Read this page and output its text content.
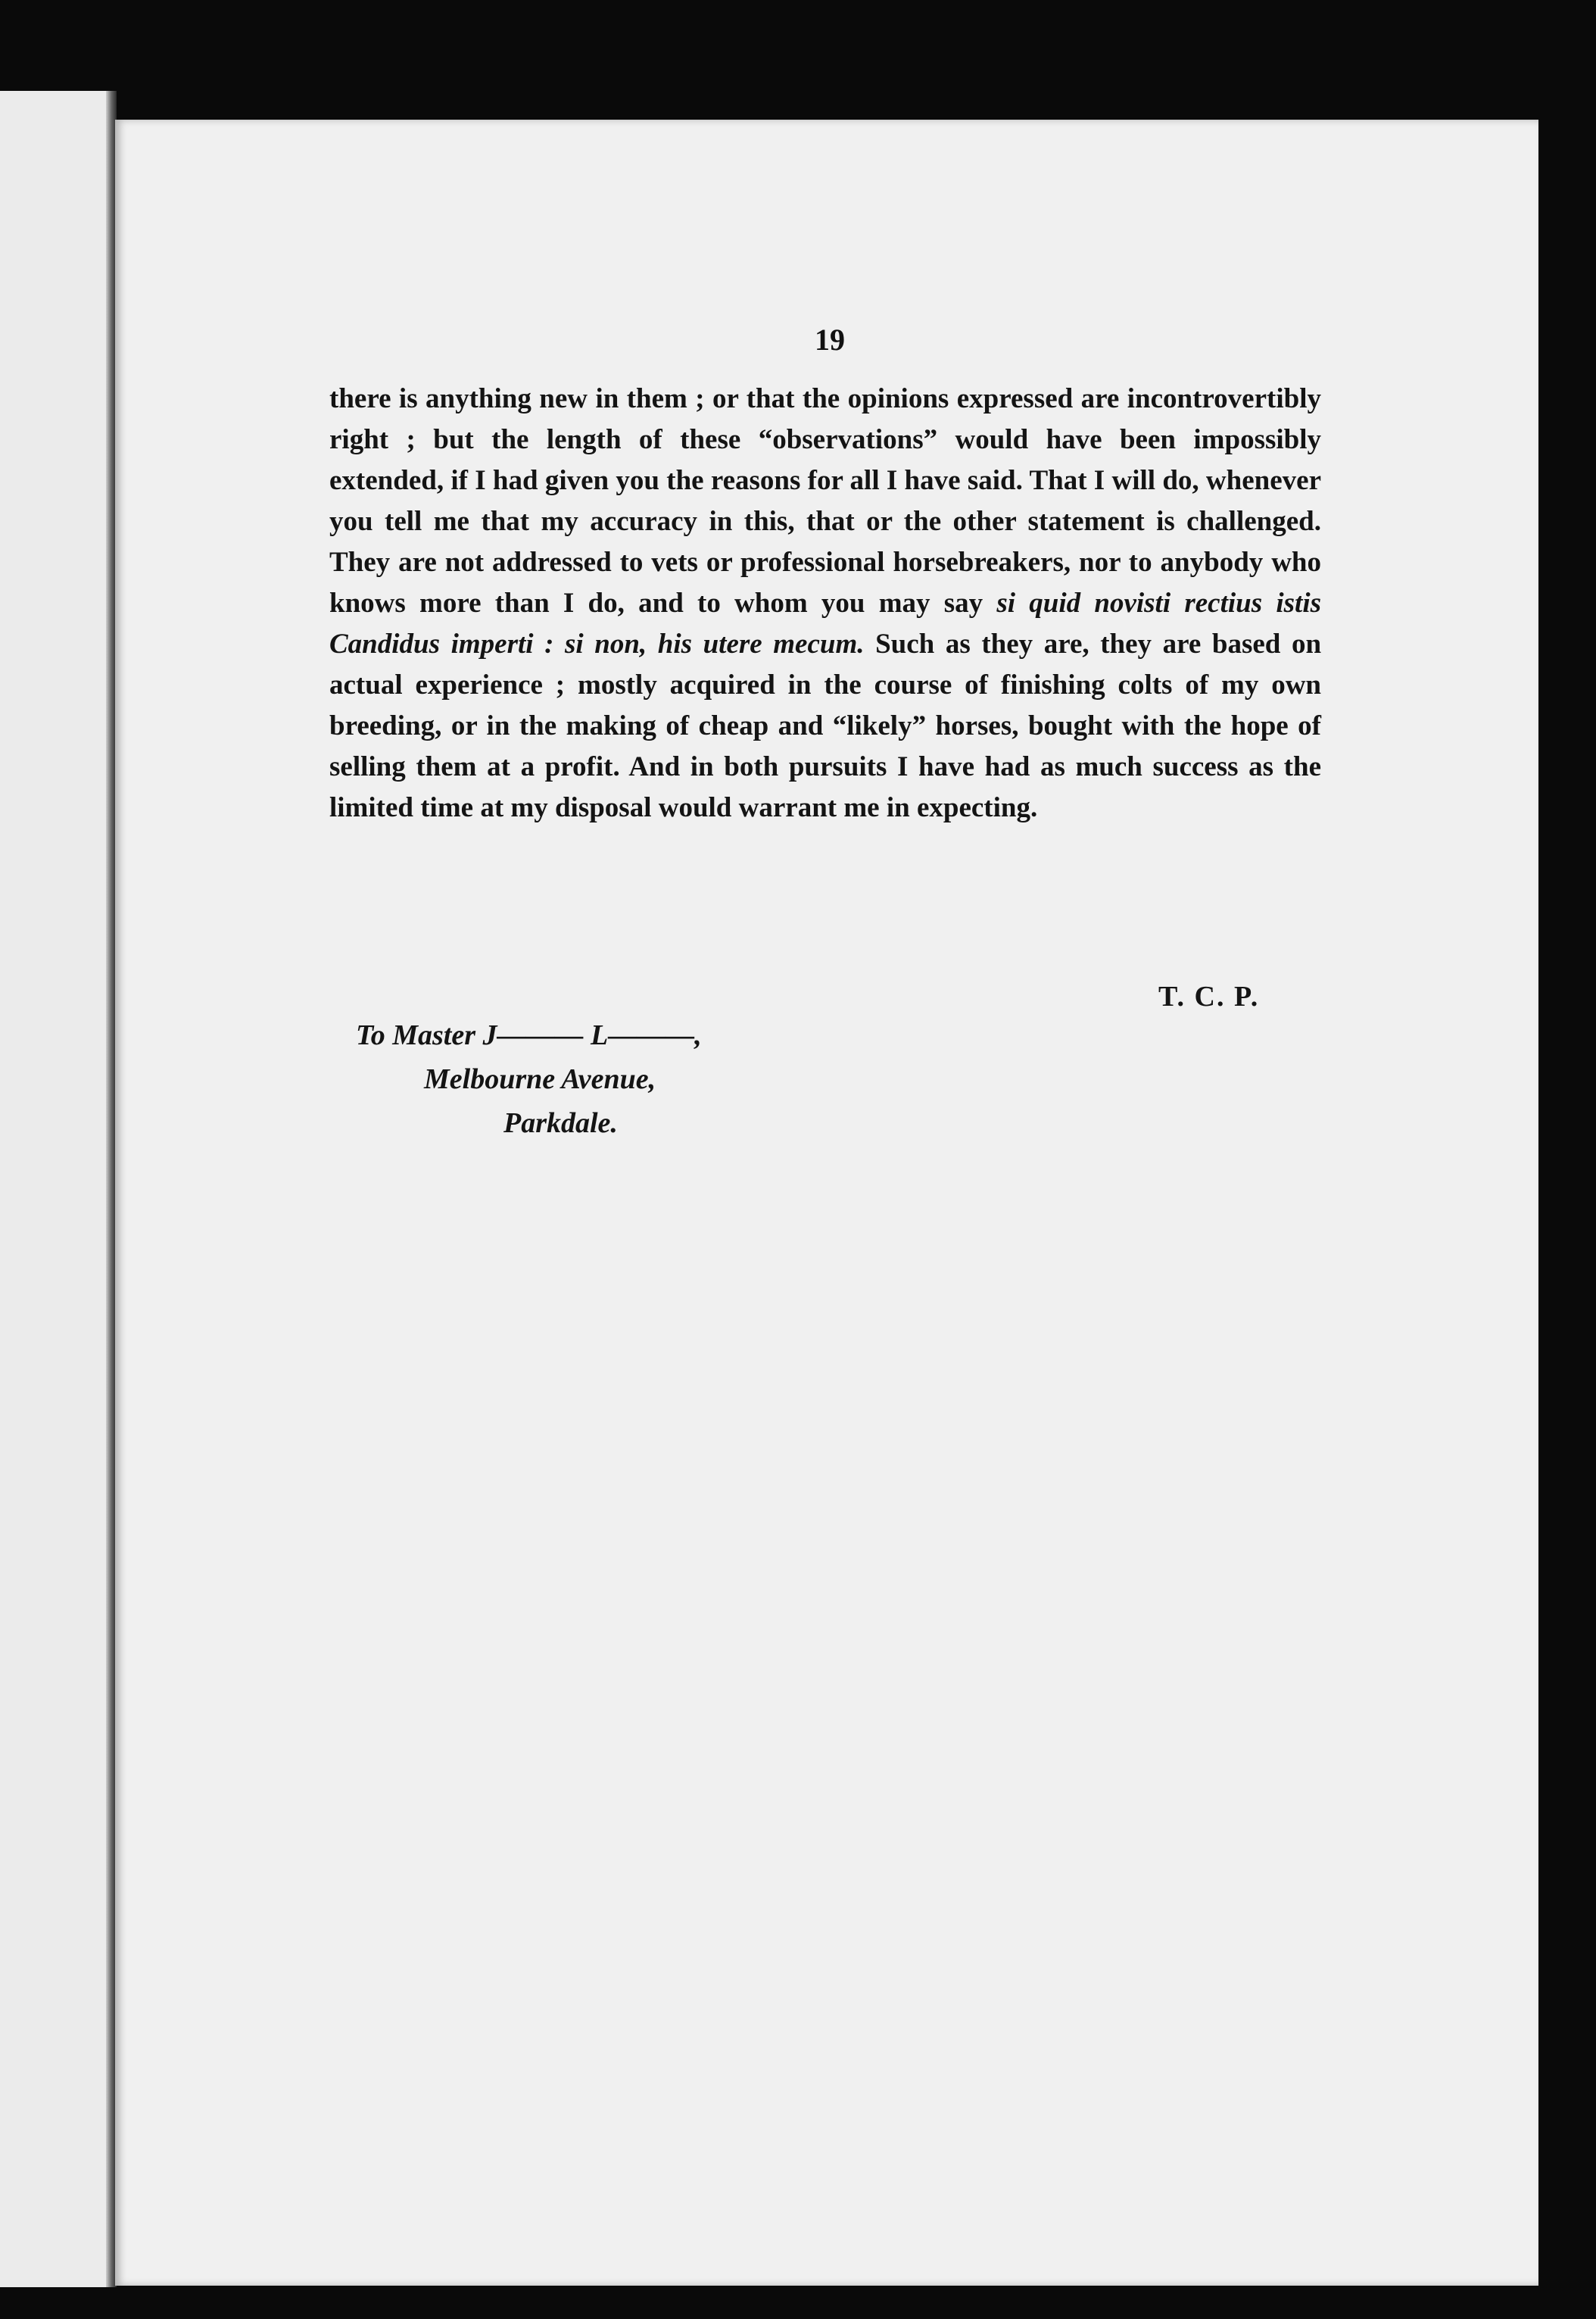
19

there is anything new in them ; or that the opinions expressed are incontrovertibly right ; but the length of these “observations” would have been impossibly extended, if I had given you the reasons for all I have said. That I will do, whenever you tell me that my accuracy in this, that or the other statement is challenged. They are not addressed to vets or professional horsebreakers, nor to anybody who knows more than I do, and to whom you may say si quid novisti rectius istis Candidus imperti : si non, his utere mecum. Such as they are, they are based on actual experience ; mostly acquired in the course of finishing colts of my own breeding, or in the making of cheap and “likely” horses, bought with the hope of selling them at a profit. And in both pursuits I have had as much success as the limited time at my disposal would warrant me in expecting.

T. C. P.
To Master J——— L———,
Melbourne Avenue,
Parkdale.
